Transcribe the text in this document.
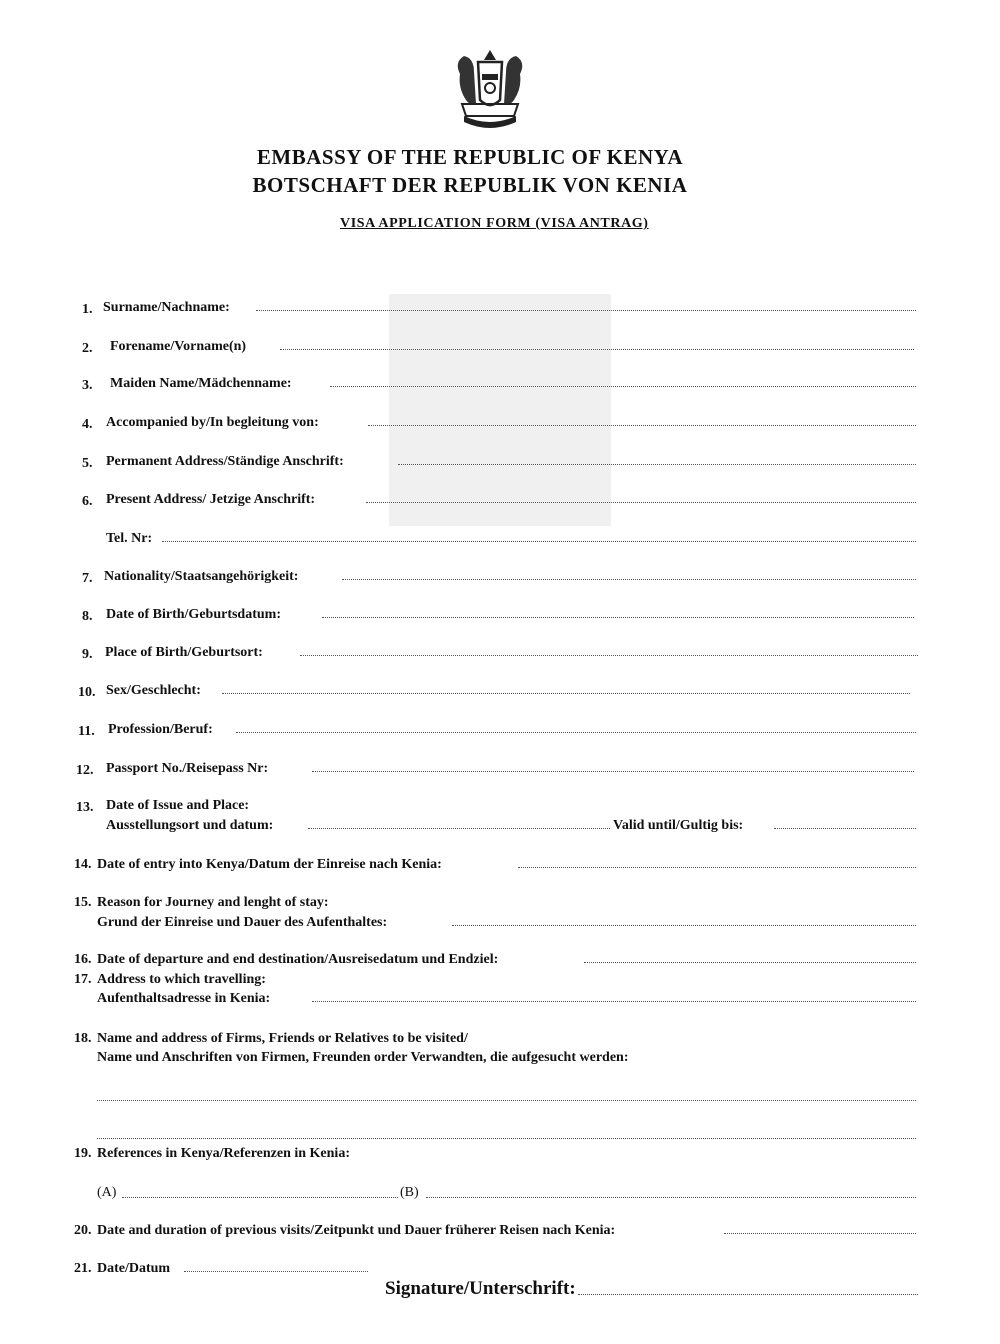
EMBASSY OF THE REPUBLIC OF KENYA
BOTSCHAFT DER REPUBLIK VON KENIA
VISA APPLICATION FORM (VISA ANTRAG)
1. Surname/Nachname:
2. Forename/Vorname(n)
3. Maiden Name/Mädchenname:
4. Accompanied by/In begleitung von:
5. Permanent Address/Ständige Anschrift:
6. Present Address/ Jetzige Anschrift:
Tel. Nr:
7. Nationality/Staatsangehörigkeit:
8. Date of Birth/Geburtsdatum:
9. Place of Birth/Geburtsort:
10. Sex/Geschlecht:
11. Profession/Beruf:
12. Passport No./Reisepass Nr:
13. Date of Issue and Place:
Ausstellungsort und datum:	Valid until/Gultig bis:
14. Date of entry into Kenya/Datum der Einreise nach Kenia:
15. Reason for Journey and lenght of stay:
Grund der Einreise und Dauer des Aufenthaltes:
16. Date of departure and end destination/Ausreisedatum und Endziel:
17. Address to which travelling:
Aufenthaltsadresse in Kenia:
18. Name and address of Firms, Friends or Relatives to be visited/
Name und Anschriften von Firmen, Freunden order Verwandten, die aufgesucht werden:
19. References in Kenya/Referenzen in Kenia:
(A)	(B)
20. Date and duration of previous visits/Zeitpunkt und Dauer früherer Reisen nach Kenia:
21. Date/Datum
Signature/Unterschrift:
